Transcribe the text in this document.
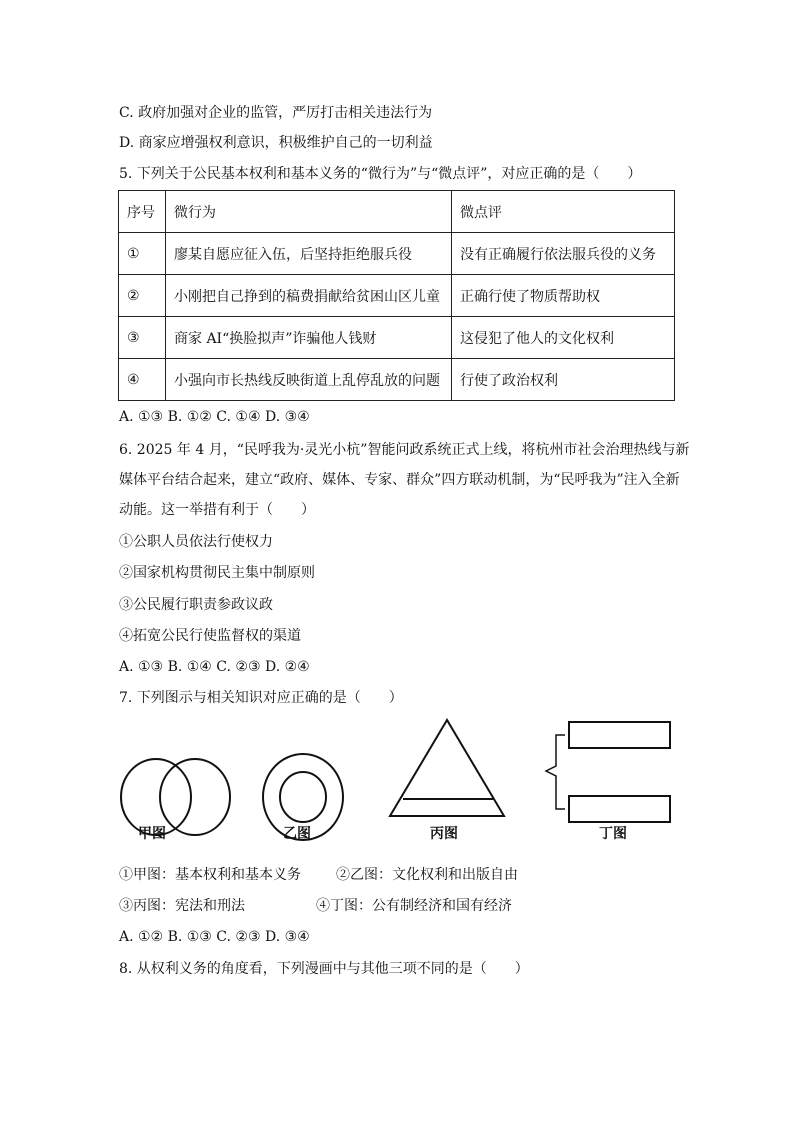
C. 政府加强对企业的监管，严厉打击相关违法行为
D. 商家应增强权利意识，积极维护自己的一切利益
5. 下列关于公民基本权利和基本义务的“微行为”与“微点评”，对应正确的是（　　）
序号	微行为	微点评
①	廖某自愿应征入伍，后坚持拒绝服兵役	没有正确履行依法服兵役的义务
②	小刚把自己挣到的稿费捐献给贫困山区儿童	正确行使了物质帮助权
③	商家 AI“换脸拟声”诈骗他人钱财	这侵犯了他人的文化权利
④	小强向市长热线反映街道上乱停乱放的问题	行使了政治权利
A. ①③ B. ①② C. ①④ D. ③④
6. 2025 年 4 月，“民呼我为·灵光小杭”智能问政系统正式上线，将杭州市社会治理热线与新
媒体平台结合起来，建立“政府、媒体、专家、群众”四方联动机制，为“民呼我为”注入全新
动能。这一举措有利于（　　）
①公职人员依法行使权力
②国家机构贯彻民主集中制原则
③公民履行职责参政议政
④拓宽公民行使监督权的渠道
A. ①③ B. ①④ C. ②③ D. ②④
7. 下列图示与相关知识对应正确的是（　　）
甲图	乙图	丙图	丁图
①甲图：基本权利和基本义务	②乙图：文化权利和出版自由
③丙图：宪法和刑法	④丁图：公有制经济和国有经济
A. ①② B. ①③ C. ②③ D. ③④
8. 从权利义务的角度看，下列漫画中与其他三项不同的是（　　）
